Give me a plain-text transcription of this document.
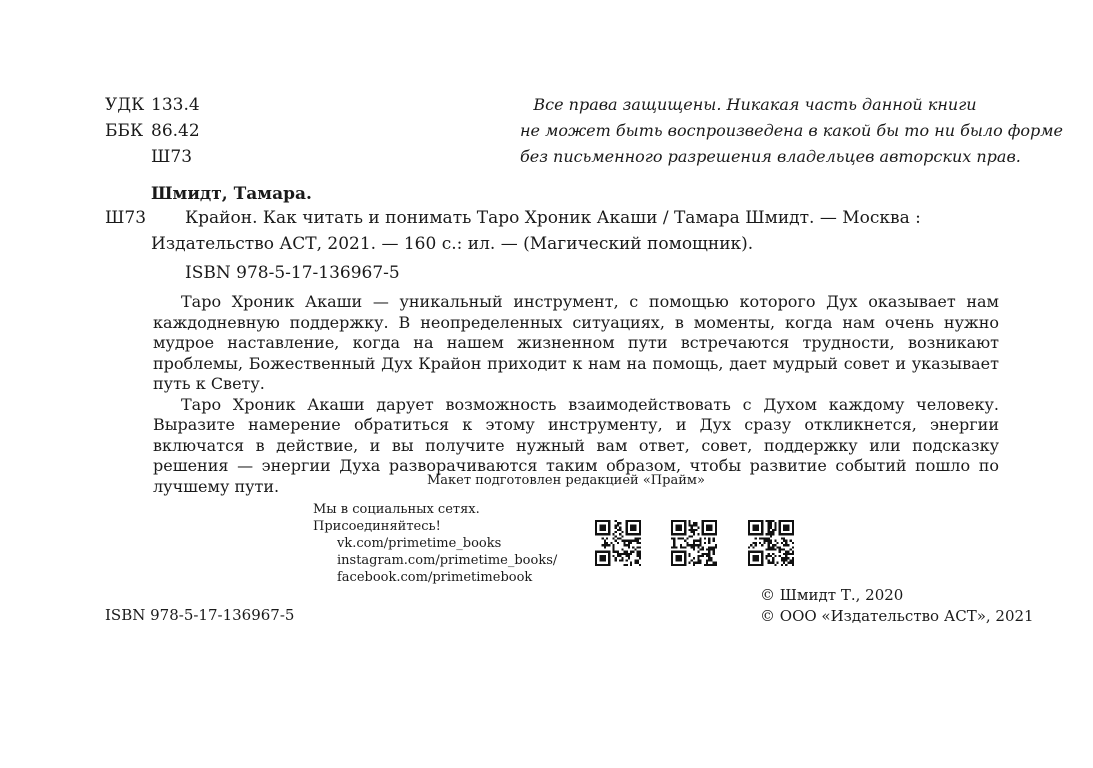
УДК 133.4
ББК 86.42
Ш73
Все права защищены. Никакая часть данной книги
не может быть воспроизведена в какой бы то ни было форме
без письменного разрешения владельцев авторских прав.
Шмидт, Тамара.
Ш73	Крайон. Как читать и понимать Таро Хроник Акаши / Тамара Шмидт. — Москва : Издательство АСТ, 2021. — 160 с.: ил. — (Магический помощник).
ISBN 978-5-17-136967-5

Таро Хроник Акаши — уникальный инструмент, с помощью которого Дух оказывает нам каждодневную поддержку. В неопределенных ситуациях, в моменты, когда нам очень нужно мудрое наставление, когда на нашем жизненном пути встречаются трудности, возникают проблемы, Божественный Дух Крайон приходит к нам на помощь, дает мудрый совет и указывает путь к Свету.

Таро Хроник Акаши дарует возможность взаимодействовать с Духом каждому человеку. Выразите намерение обратиться к этому инструменту, и Дух сразу откликнется, энергии включатся в действие, и вы получите нужный вам ответ, совет, поддержку или подсказку решения — энергии Духа разворачиваются таким образом, чтобы развитие событий пошло по лучшему пути.	Макет подготовлен редакцией «Прайм»
Мы в социальных сетях.
Присоединяйтесь!
vk.com/primetime_books
instagram.com/primetime_books/
facebook.com/primetimebook
ISBN 978-5-17-136967-5
© Шмидт Т., 2020
© ООО «Издательство АСТ», 2021
